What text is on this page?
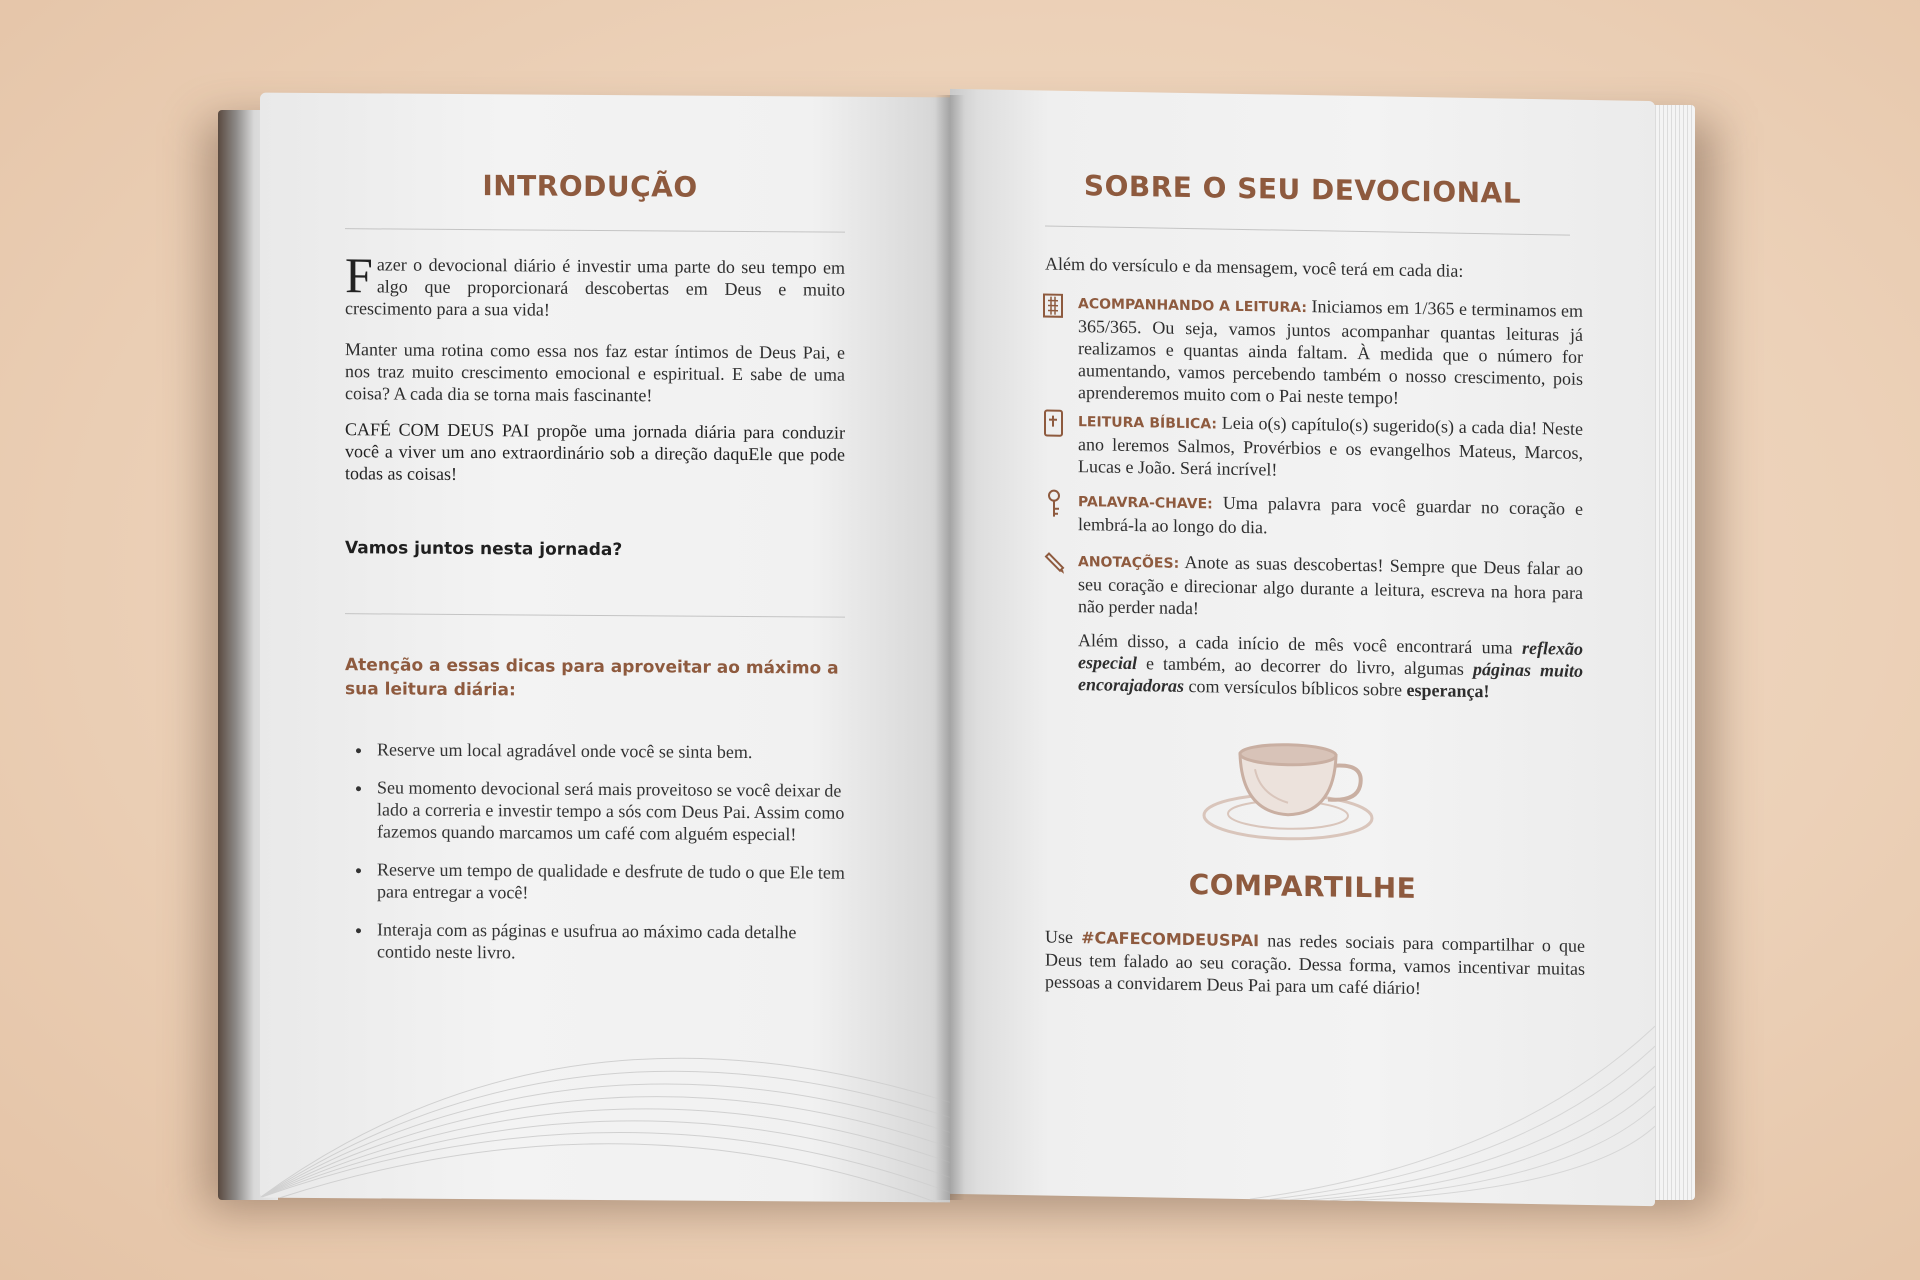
INTRODUÇÃO
F azer o devocional diário é investir uma parte do seu tempo em algo que proporcionará descobertas em Deus e muito crescimento para a sua vida!

Manter uma rotina como essa nos faz estar íntimos de Deus Pai, e nos traz muito crescimento emocional e espiritual. E sabe de uma coisa? A cada dia se torna mais fascinante!

CAFÉ COM DEUS PAI propõe uma jornada diária para conduzir você a viver um ano extraordinário sob a direção daquEle que pode todas as coisas!

Vamos juntos nesta jornada?

Atenção a essas dicas para aproveitar ao máximo a sua leitura diária:

• Reserve um local agradável onde você se sinta bem.
• Seu momento devocional será mais proveitoso se você deixar de lado a correria e investir tempo a sós com Deus Pai. Assim como fazemos quando marcamos um café com alguém especial!
• Reserve um tempo de qualidade e desfrute de tudo o que Ele tem para entregar a você!
• Interaja com as páginas e usufrua ao máximo cada detalhe contido neste livro.
SOBRE O SEU DEVOCIONAL

Além do versículo e da mensagem, você terá em cada dia:

ACOMPANHANDO A LEITURA: Iniciamos em 1/365 e terminamos em 365/365. Ou seja, vamos juntos acompanhar quantas leituras já realizamos e quantas ainda faltam. À medida que o número for aumentando, vamos percebendo também o nosso crescimento, pois aprenderemos muito com o Pai neste tempo!

LEITURA BÍBLICA: Leia o(s) capítulo(s) sugerido(s) a cada dia! Neste ano leremos Salmos, Provérbios e os evangelhos Mateus, Marcos, Lucas e João. Será incrível!

PALAVRA-CHAVE: Uma palavra para você guardar no coração e lembrá-la ao longo do dia.

ANOTAÇÕES: Anote as suas descobertas! Sempre que Deus falar ao seu coração e direcionar algo durante a leitura, escreva na hora para não perder nada!

Além disso, a cada início de mês você encontrará uma reflexão especial e também, ao decorrer do livro, algumas páginas muito encorajadoras com versículos bíblicos sobre esperança!

COMPARTILHE

Use #CAFECOMDEUSPAI nas redes sociais para compartilhar o que Deus tem falado ao seu coração. Dessa forma, vamos incentivar muitas pessoas a convidarem Deus Pai para um café diário!
